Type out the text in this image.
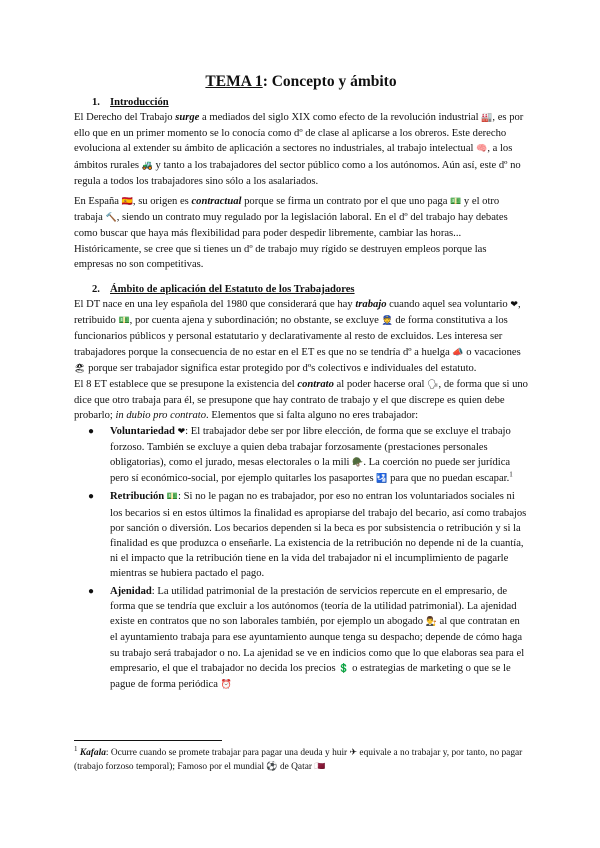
TEMA 1: Concepto y ámbito
1. Introducción

El Derecho del Trabajo surge a mediados del siglo XIX como efecto de la revolución industrial 🏭, es por ello que en un primer momento se lo conocía como dº de clase al aplicarse a los obreros. Este derecho evoluciona al extender su ámbito de aplicación a sectores no industriales, al trabajo intelectual 🧠, a los ámbitos rurales 🚜 y tanto a los trabajadores del sector público como a los autónomos. Aún así, este dº no regula a todos los trabajadores sino sólo a los asalariados.

En España 🇪🇸, su origen es contractual porque se firma un contrato por el que uno paga 💵 y el otro trabaja 🔨, siendo un contrato muy regulado por la legislación laboral. En el dº del trabajo hay debates como buscar que haya más flexibilidad para poder despedir libremente, cambiar las horas... Históricamente, se cree que si tienes un dº de trabajo muy rígido se destruyen empleos porque las empresas no son competitivas.

2. Ámbito de aplicación del Estatuto de los Trabajadores

El DT nace en una ley española del 1980 que considerará que hay trabajo cuando aquel sea voluntario ❤, retribuido 💵, por cuenta ajena y subordinación; no obstante, se excluye 👮 de forma constitutiva a los funcionarios públicos y personal estatutario y declarativamente al resto de excluidos. Les interesa ser trabajadores porque la consecuencia de no estar en el ET es que no se tendría dº a huelga 📣 o vacaciones 🏖 porque ser trabajador significa estar protegido por dºs colectivos e individuales del estatuto.

El 8 ET establece que se presupone la existencia del contrato al poder hacerse oral 🗣, de forma que si uno dice que otro trabaja para él, se presupone que hay contrato de trabajo y el que discrepe es quien debe probarlo; in dubio pro contrato. Elementos que si falta alguno no eres trabajador:

● Voluntariedad ❤: El trabajador debe ser por libre elección, de forma que se excluye el trabajo forzoso. También se excluye a quien deba trabajar forzosamente (prestaciones personales obligatorias), como el jurado, mesas electorales o la mili 🪖. La coerción no puede ser jurídica pero sí económico-social, por ejemplo quitarles los pasaportes 🛂 para que no puedan escapar.$^1$
● Retribución 💵: Si no le pagan no es trabajador, por eso no entran los voluntariados sociales ni los becarios si en estos últimos la finalidad es apropiarse del trabajo del becario, así como trabajos por sanción o diversión. Los becarios dependen si la beca es por subsistencia o retribución y si la finalidad es que produzca o enseñarle. La existencia de la retribución no depende ni de la cuantía, ni el impacto que la retribución tiene en la vida del trabajador ni el incumplimiento de pagarle mientras se hubiera pactado el pago.
● Ajenidad: La utilidad patrimonial de la prestación de servicios repercute en el empresario, de forma que se tendría que excluir a los autónomos (teoría de la utilidad patrimonial). La ajenidad existe en contratos que no son laborales también, por ejemplo un abogado 👨‍⚖ al que contratan en el ayuntamiento trabaja para ese ayuntamiento aunque tenga su despacho; depende de cómo haga su trabajo será trabajador o no. La ajenidad se ve en indicios como que lo que elaboras sea para el empresario, el que el trabajador no decida los precios 💲 o estrategias de marketing o que se le pague de forma periódica ⏰
$^1$ Kafala: Ocurre cuando se promete trabajar para pagar una deuda y huir ✈ equivale a no trabajar y, por tanto, no pagar (trabajo forzoso temporal); Famoso por el mundial ⚽ de Qatar 🇶🇦
